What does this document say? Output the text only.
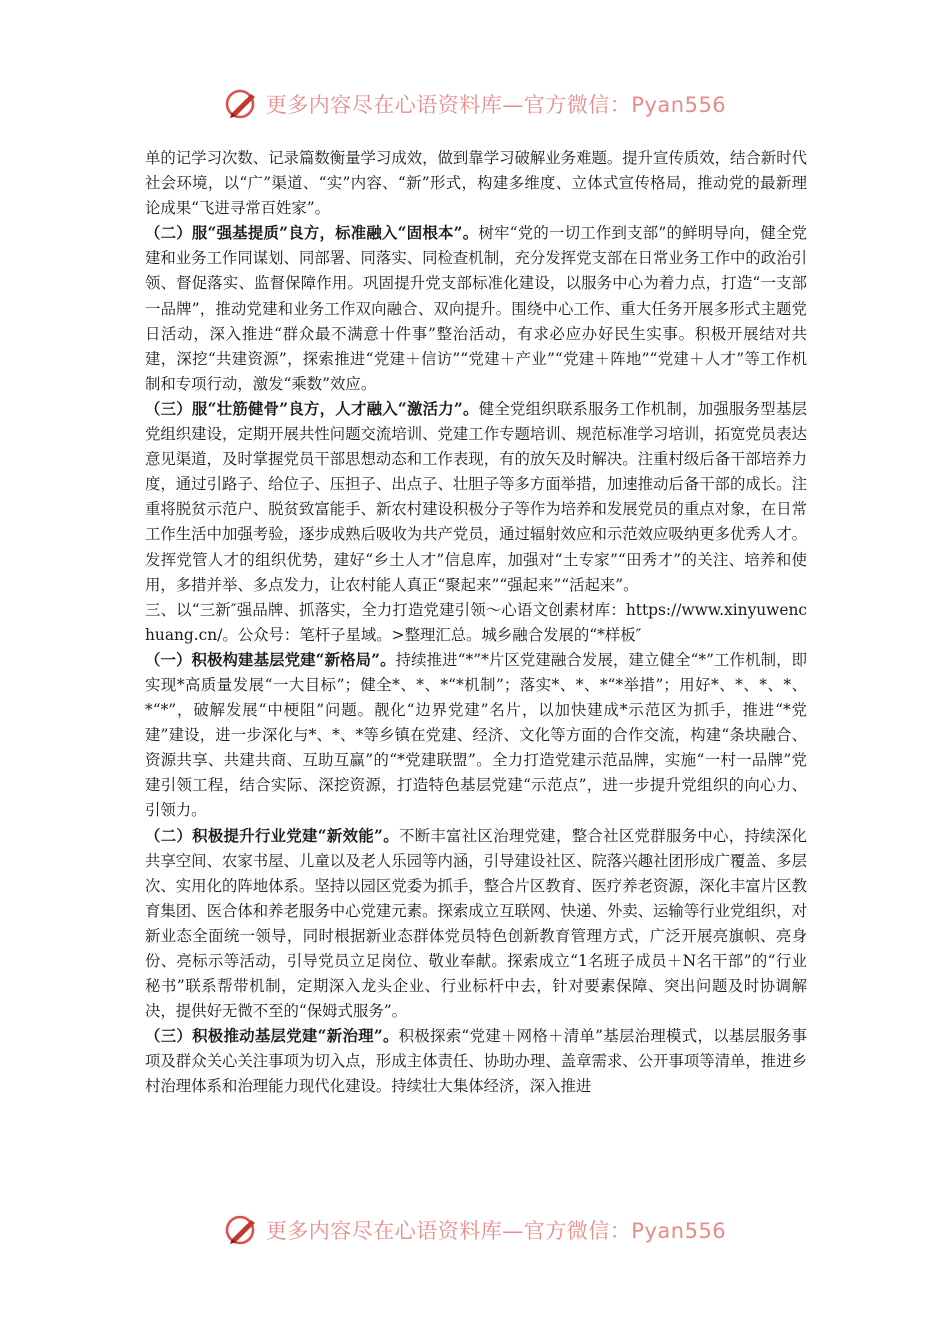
更多内容尽在心语资料库—官方微信：Pyan556

单的记学习次数、记录篇数衡量学习成效，做到靠学习破解业务难题。提升宣传质效，结合新时代社会环境，以“广”渠道、“实”内容、“新”形式，构建多维度、立体式宣传格局，推动党的最新理论成果“飞进寻常百姓家”。

（二）服“强基提质”良方，标准融入“固根本”。树牢“党的一切工作到支部”的鲜明导向，健全党建和业务工作同谋划、同部署、同落实、同检查机制，充分发挥党支部在日常业务工作中的政治引领、督促落实、监督保障作用。巩固提升党支部标准化建设，以服务中心为着力点，打造“一支部一品牌”，推动党建和业务工作双向融合、双向提升。围绕中心工作、重大任务开展多形式主题党日活动，深入推进“群众最不满意十件事”整治活动，有求必应办好民生实事。积极开展结对共建，深挖“共建资源”，探索推进“党建＋信访”“党建＋产业”“党建＋阵地”“党建＋人才”等工作机制和专项行动，激发“乘数”效应。

（三）服“壮筋健骨”良方，人才融入“激活力”。健全党组织联系服务工作机制，加强服务型基层党组织建设，定期开展共性问题交流培训、党建工作专题培训、规范标准学习培训，拓宽党员表达意见渠道，及时掌握党员干部思想动态和工作表现，有的放矢及时解决。注重村级后备干部培养力度，通过引路子、给位子、压担子、出点子、壮胆子等多方面举措，加速推动后备干部的成长。注重将脱贫示范户、脱贫致富能手、新农村建设积极分子等作为培养和发展党员的重点对象，在日常工作生活中加强考验，逐步成熟后吸收为共产党员，通过辐射效应和示范效应吸纳更多优秀人才。发挥党管人才的组织优势，建好“乡土人才”信息库，加强对“土专家”“田秀才”的关注、培养和使用，多措并举、多点发力，让农村能人真正“聚起来”“强起来”“活起来”。

三、以“三新″强品牌、抓落实，全力打造党建引领～心语文创素材库：https://www.xinyuwenchuang.cn/。公众号：笔杆子星域。>整理汇总。城乡融合发展的“*样板″

（一）积极构建基层党建“新格局”。持续推进“*”*片区党建融合发展，建立健全“*”工作机制，即实现*高质量发展“一大目标”；健全*、*、*“*机制”；落实*、*、*“*举措”；用好*、*、*、*、*“*”，破解发展“中梗阻”问题。靓化“边界党建”名片，以加快建成*示范区为抓手，推进“*党建”建设，进一步深化与*、*、*等乡镇在党建、经济、文化等方面的合作交流，构建“条块融合、资源共享、共建共商、互助互赢”的“*党建联盟”。全力打造党建示范品牌，实施“一村一品牌”党建引领工程，结合实际、深挖资源，打造特色基层党建“示范点”，进一步提升党组织的向心力、引领力。

（二）积极提升行业党建“新效能”。不断丰富社区治理党建，整合社区党群服务中心，持续深化共享空间、农家书屋、儿童以及老人乐园等内涵，引导建设社区、院落兴趣社团形成广覆盖、多层次、实用化的阵地体系。坚持以园区党委为抓手，整合片区教育、医疗养老资源，深化丰富片区教育集团、医合体和养老服务中心党建元素。探索成立互联网、快递、外卖、运输等行业党组织，对新业态全面统一领导，同时根据新业态群体党员特色创新教育管理方式，广泛开展亮旗帜、亮身份、亮标示等活动，引导党员立足岗位、敬业奉献。探索成立“1名班子成员＋N名干部”的“行业秘书”联系帮带机制，定期深入龙头企业、行业标杆中去，针对要素保障、突出问题及时协调解决，提供好无微不至的“保姆式服务”。

（三）积极推动基层党建“新治理”。积极探索“党建＋网格＋清单”基层治理模式，以基层服务事项及群众关心关注事项为切入点，形成主体责任、协助办理、盖章需求、公开事项等清单，推进乡村治理体系和治理能力现代化建设。持续壮大集体经济，深入推进

更多内容尽在心语资料库—官方微信：Pyan556
